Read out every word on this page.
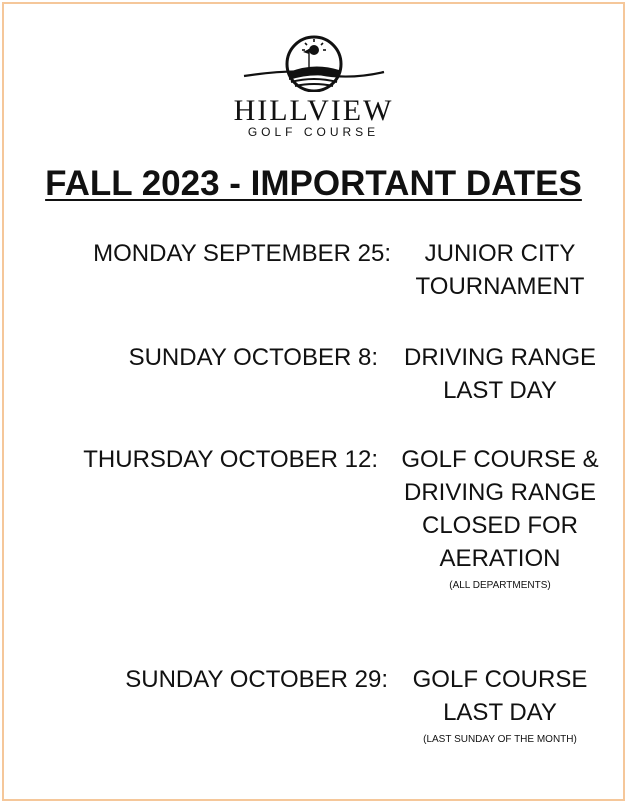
HILLVIEW
GOLF COURSE
FALL 2023 - IMPORTANT DATES
MONDAY SEPTEMBER 25:	JUNIOR CITY
TOURNAMENT
SUNDAY OCTOBER 8:	DRIVING RANGE
LAST DAY
THURSDAY OCTOBER 12: GOLF COURSE &
DRIVING RANGE
CLOSED FOR
AERATION
(ALL DEPARTMENTS)
SUNDAY OCTOBER 29:	GOLF COURSE
LAST DAY
(LAST SUNDAY OF THE MONTH)
